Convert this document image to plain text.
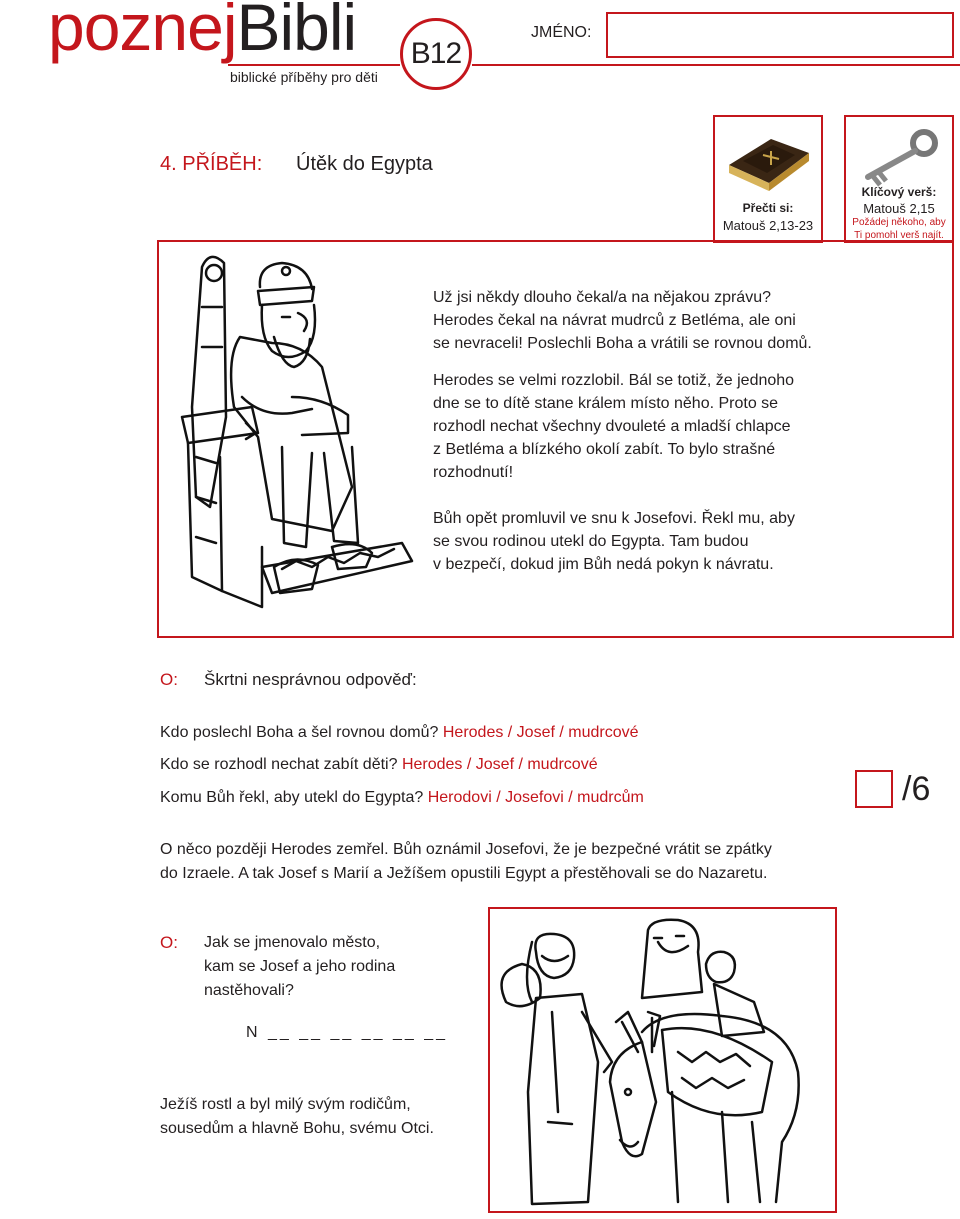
poznejBibli
biblické příběhy pro děti
B12
JMÉNO:
4. PŘÍBĚH: Útěk do Egypta
Přečti si:
Matouš 2,13-23
Klíčový verš:
Matouš 2,15
Požádej někoho, aby
Ti pomohl verš najít.
Už jsi někdy dlouho čekal/a na nějakou zprávu?
Herodes čekal na návrat mudrců z Betléma, ale oni
se nevraceli! Poslechli Boha a vrátili se rovnou domů.
Herodes se velmi rozzlobil. Bál se totiž, že jednoho
dne se to dítě stane králem místo něho. Proto se
rozhodl nechat všechny dvouleté a mladší chlapce
z Betléma a blízkého okolí zabít. To bylo strašné
rozhodnutí!
Bůh opět promluvil ve snu k Josefovi. Řekl mu, aby
se svou rodinou utekl do Egypta. Tam budou
v bezpečí, dokud jim Bůh nedá pokyn k návratu.
O: Škrtni nesprávnou odpověď:
Kdo poslechl Boha a šel rovnou domů? Herodes / Josef / mudrcové
Kdo se rozhodl nechat zabít děti? Herodes / Josef / mudrcové
Komu Bůh řekl, aby utekl do Egypta? Herodovi / Josefovi / mudrcům	/6
O něco později Herodes zemřel. Bůh oznámil Josefovi, že je bezpečné vrátit se zpátky
do Izraele. A tak Josef s Marií a Ježíšem opustili Egypt a přestěhovali se do Nazaretu.
O: Jak se jmenovalo město,
kam se Josef a jeho rodina
nastěhovali?
N __ __ __ __ __ __
Ježíš rostl a byl milý svým rodičům,
sousedům a hlavně Bohu, svému Otci.
